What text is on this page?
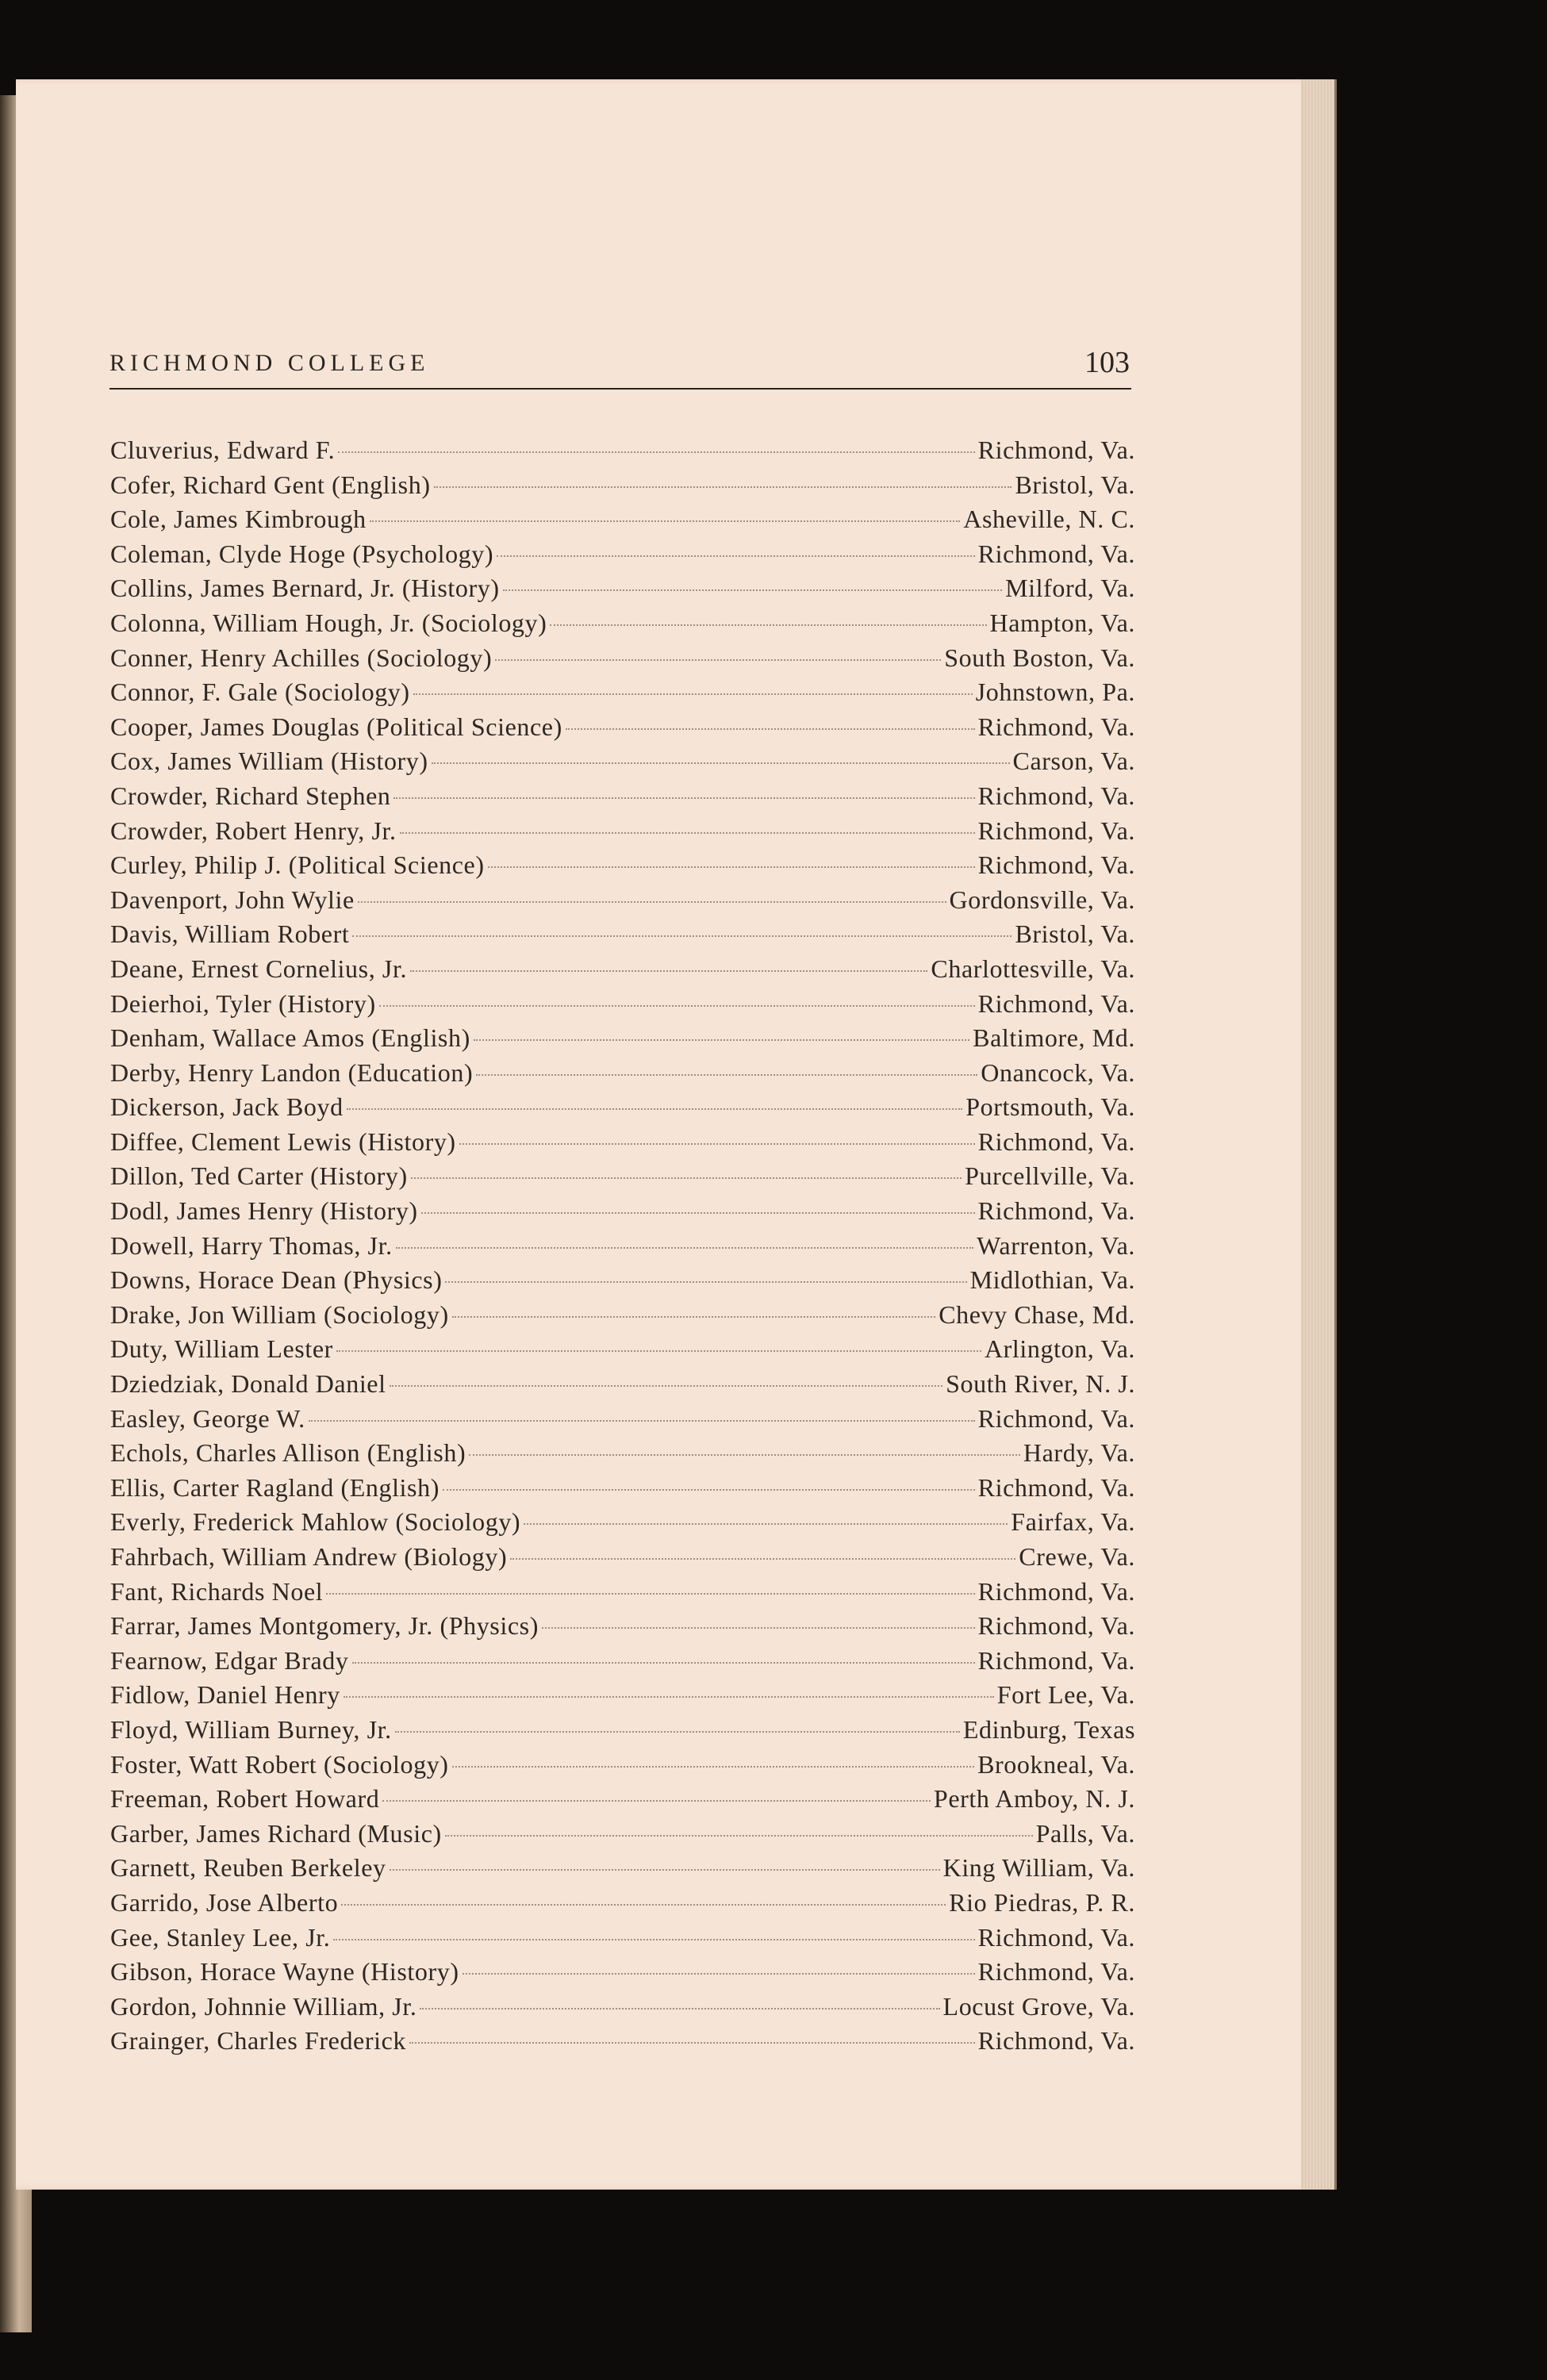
RICHMOND COLLEGE	103
Cluverius, Edward F.	Richmond, Va.
Cofer, Richard Gent (English)	Bristol, Va.
Cole, James Kimbrough	Asheville, N. C.
Coleman, Clyde Hoge (Psychology)	Richmond, Va.
Collins, James Bernard, Jr. (History)	Milford, Va.
Colonna, William Hough, Jr. (Sociology)	Hampton, Va.
Conner, Henry Achilles (Sociology)	South Boston, Va.
Connor, F. Gale (Sociology)	Johnstown, Pa.
Cooper, James Douglas (Political Science)	Richmond, Va.
Cox, James William (History)	Carson, Va.
Crowder, Richard Stephen	Richmond, Va.
Crowder, Robert Henry, Jr.	Richmond, Va.
Curley, Philip J. (Political Science)	Richmond, Va.
Davenport, John Wylie	Gordonsville, Va.
Davis, William Robert	Bristol, Va.
Deane, Ernest Cornelius, Jr.	Charlottesville, Va.
Deierhoi, Tyler (History)	Richmond, Va.
Denham, Wallace Amos (English)	Baltimore, Md.
Derby, Henry Landon (Education)	Onancock, Va.
Dickerson, Jack Boyd	Portsmouth, Va.
Diffee, Clement Lewis (History)	Richmond, Va.
Dillon, Ted Carter (History)	Purcellville, Va.
Dodl, James Henry (History)	Richmond, Va.
Dowell, Harry Thomas, Jr.	Warrenton, Va.
Downs, Horace Dean (Physics)	Midlothian, Va.
Drake, Jon William (Sociology)	Chevy Chase, Md.
Duty, William Lester	Arlington, Va.
Dziedziak, Donald Daniel	South River, N. J.
Easley, George W.	Richmond, Va.
Echols, Charles Allison (English)	Hardy, Va.
Ellis, Carter Ragland (English)	Richmond, Va.
Everly, Frederick Mahlow (Sociology)	Fairfax, Va.
Fahrbach, William Andrew (Biology)	Crewe, Va.
Fant, Richards Noel	Richmond, Va.
Farrar, James Montgomery, Jr. (Physics)	Richmond, Va.
Fearnow, Edgar Brady	Richmond, Va.
Fidlow, Daniel Henry	Fort Lee, Va.
Floyd, William Burney, Jr.	Edinburg, Texas
Foster, Watt Robert (Sociology)	Brookneal, Va.
Freeman, Robert Howard	Perth Amboy, N. J.
Garber, James Richard (Music)	Palls, Va.
Garnett, Reuben Berkeley	King William, Va.
Garrido, Jose Alberto	Rio Piedras, P. R.
Gee, Stanley Lee, Jr.	Richmond, Va.
Gibson, Horace Wayne (History)	Richmond, Va.
Gordon, Johnnie William, Jr.	Locust Grove, Va.
Grainger, Charles Frederick	Richmond, Va.
